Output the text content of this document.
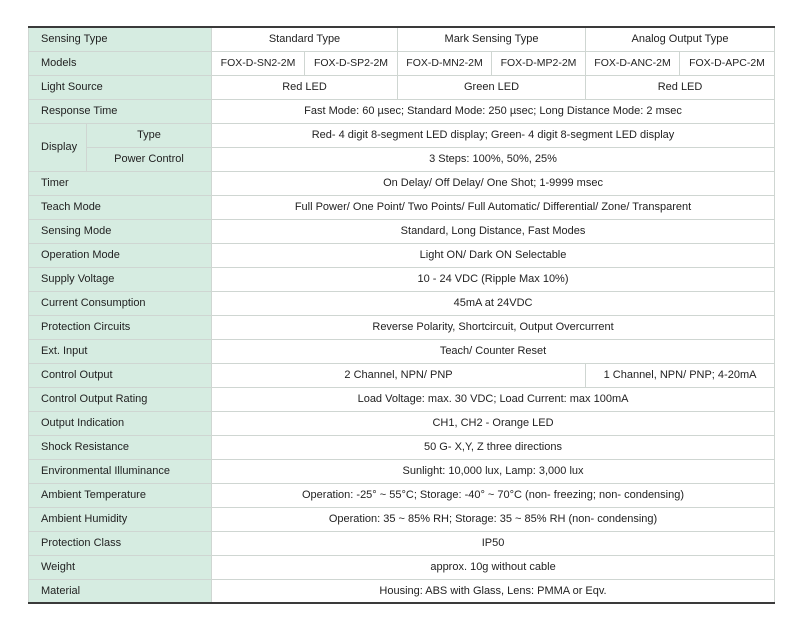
Sensing Type		Standard Type		Mark Sensing Type		Analog Output Type	
Models		FOX-D-SN2-2M	FOX-D-SP2-2M	FOX-D-MN2-2M	FOX-D-MP2-2M	FOX-D-ANC-2M	FOX-D-APC-2M
Light Source		Red LED		Green LED		Red LED	
Response Time		Fast Mode: 60 µsec; Standard Mode: 250 µsec; Long Distance Mode: 2 msec					
Display	Type	Red- 4 digit 8-segment LED display; Green- 4 digit 8-segment LED display					
	Power Control	3 Steps: 100%, 50%, 25%					
Timer		On Delay/ Off Delay/ One Shot; 1-9999 msec					
Teach Mode		Full Power/ One Point/ Two Points/ Full Automatic/ Differential/ Zone/ Transparent					
Sensing Mode		Standard, Long Distance, Fast Modes					
Operation Mode		Light ON/ Dark ON Selectable					
Supply Voltage		10 - 24 VDC (Ripple Max 10%)					
Current Consumption		45mA at 24VDC					
Protection Circuits		Reverse Polarity, Shortcircuit, Output Overcurrent					
Ext. Input		Teach/ Counter Reset					
Control Output		2 Channel, NPN/ PNP				1 Channel, NPN/ PNP; 4-20mA	
Control Output Rating		Load Voltage: max. 30 VDC; Load Current: max 100mA					
Output Indication		CH1, CH2 - Orange LED					
Shock Resistance		50 G- X,Y, Z three directions					
Environmental Illuminance		Sunlight: 10,000 lux, Lamp: 3,000 lux					
Ambient Temperature		Operation: -25° ~ 55°C; Storage: -40° ~ 70°C (non- freezing; non- condensing)					
Ambient Humidity		Operation: 35 ~ 85% RH; Storage: 35 ~ 85% RH (non- condensing)					
Protection Class		IP50					
Weight		approx. 10g without cable					
Material		Housing: ABS with Glass, Lens: PMMA or Eqv.					
